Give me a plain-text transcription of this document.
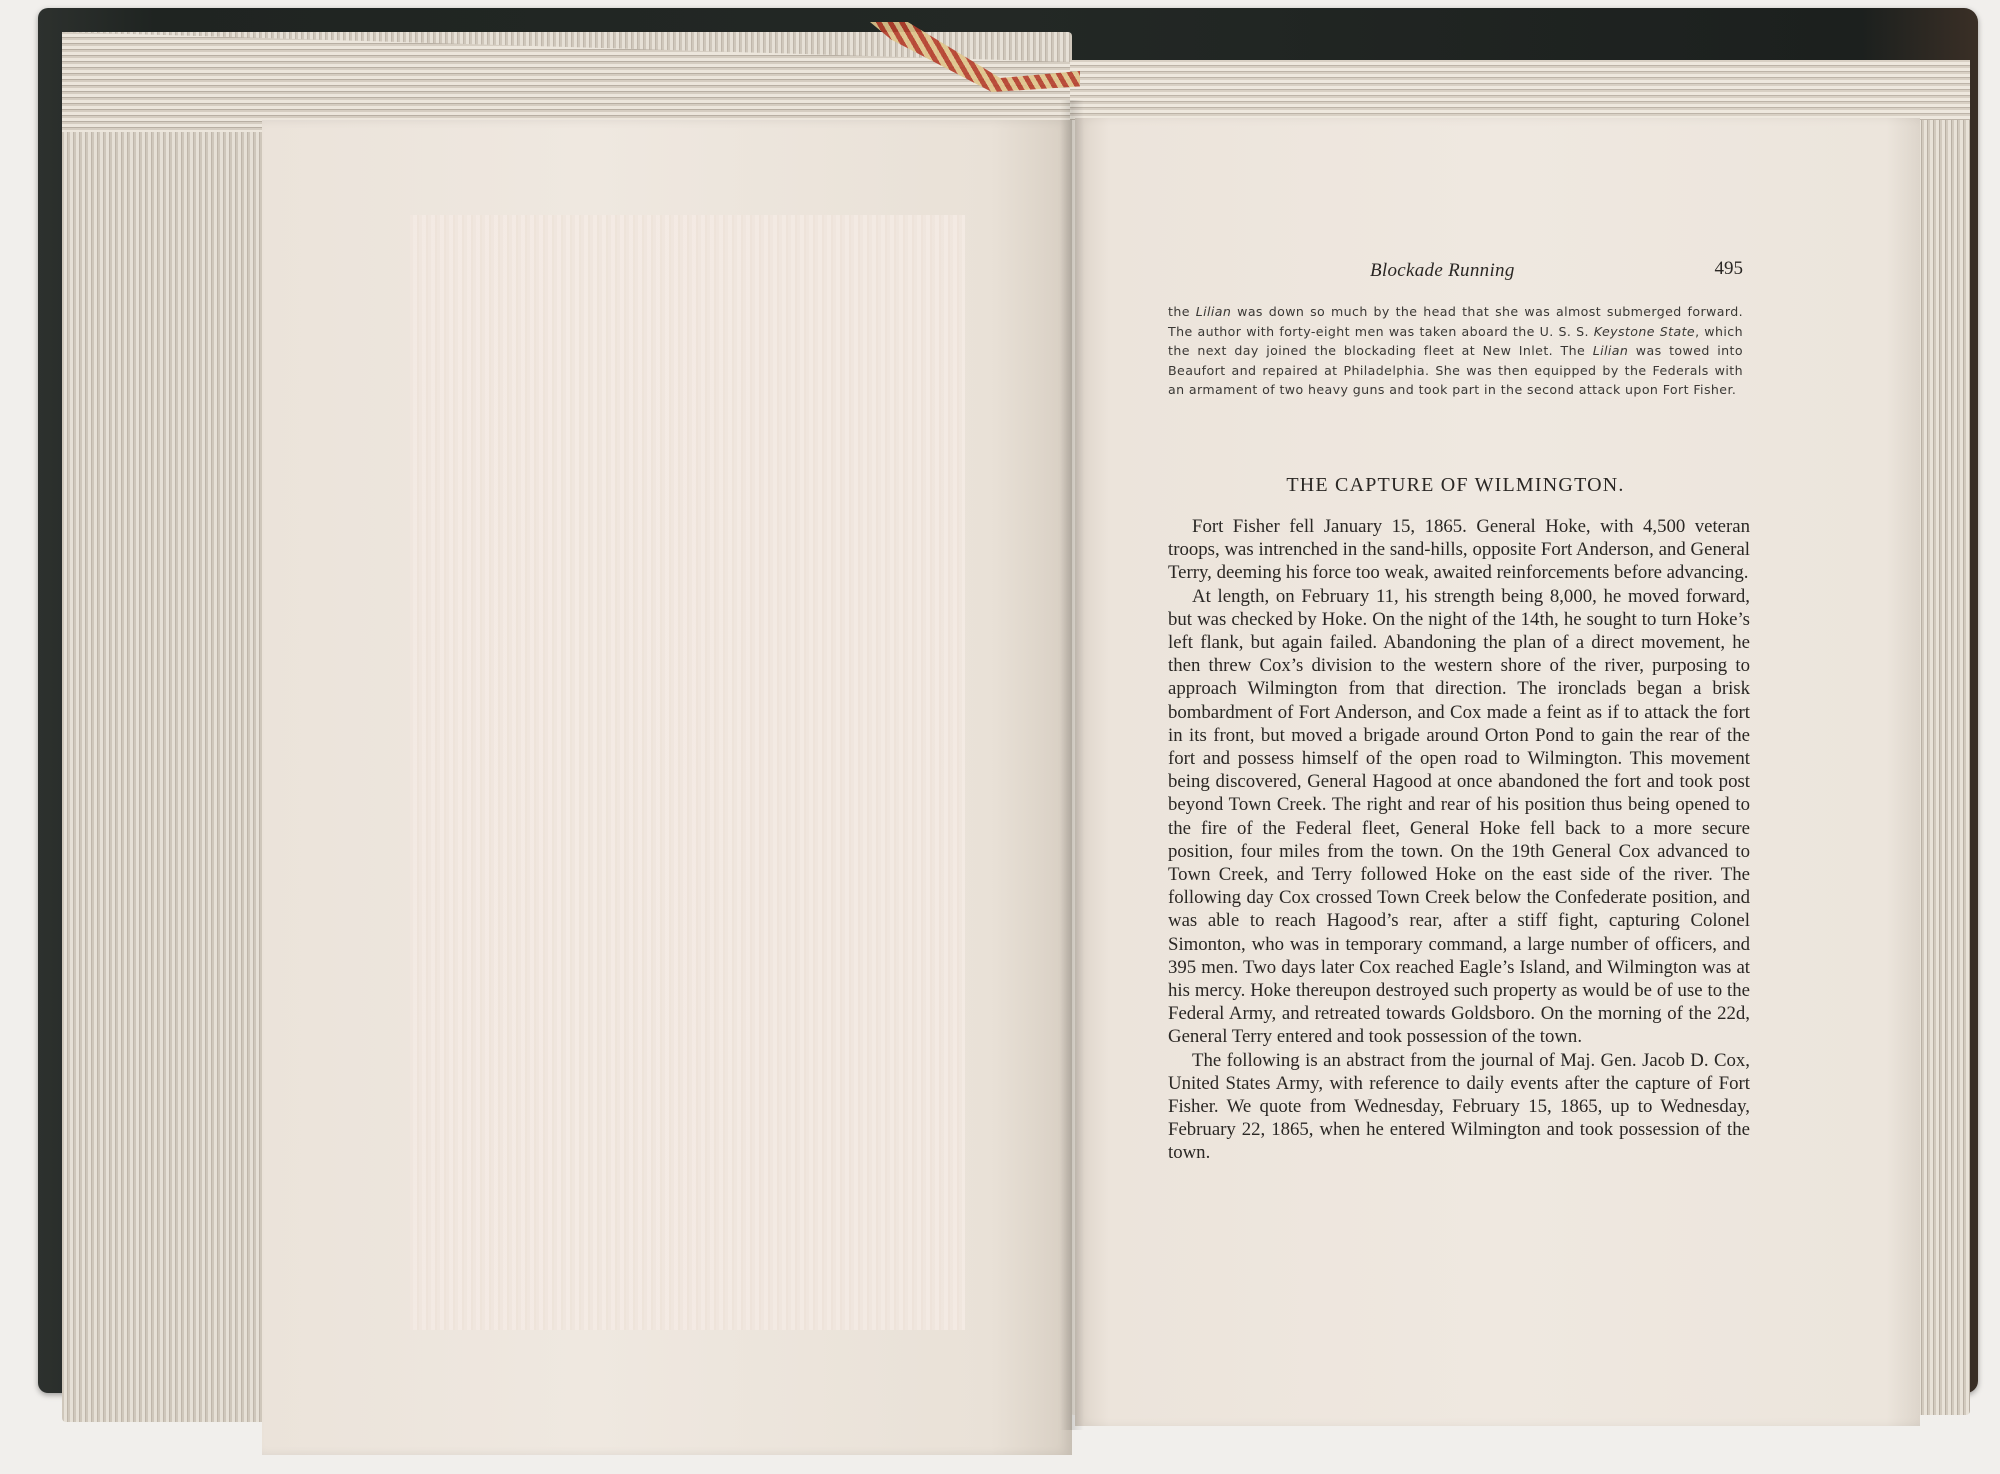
Blockade Running	495
the Lilian was down so much by the head that she was almost submerged forward. The author with forty-eight men was taken aboard the U. S. S. Keystone State, which the next day joined the blockading fleet at New Inlet. The Lilian was towed into Beaufort and repaired at Philadelphia. She was then equipped by the Federals with an armament of two heavy guns and took part in the second attack upon Fort Fisher.
THE CAPTURE OF WILMINGTON.

Fort Fisher fell January 15, 1865. General Hoke, with 4,500 veteran troops, was intrenched in the sand-hills, opposite Fort Anderson, and General Terry, deeming his force too weak, awaited reinforcements before advancing.

At length, on February 11, his strength being 8,000, he moved forward, but was checked by Hoke. On the night of the 14th, he sought to turn Hoke’s left flank, but again failed. Abandoning the plan of a direct movement, he then threw Cox’s division to the western shore of the river, purposing to approach Wilmington from that direction. The ironclads began a brisk bombardment of Fort Anderson, and Cox made a feint as if to attack the fort in its front, but moved a brigade around Orton Pond to gain the rear of the fort and possess himself of the open road to Wilmington. This movement being discovered, General Hagood at once abandoned the fort and took post beyond Town Creek. The right and rear of his position thus being opened to the fire of the Federal fleet, General Hoke fell back to a more secure position, four miles from the town. On the 19th General Cox advanced to Town Creek, and Terry followed Hoke on the east side of the river. The following day Cox crossed Town Creek below the Confederate position, and was able to reach Hagood’s rear, after a stiff fight, capturing Colonel Simonton, who was in temporary command, a large number of officers, and 395 men. Two days later Cox reached Eagle’s Island, and Wilmington was at his mercy. Hoke thereupon destroyed such property as would be of use to the Federal Army, and retreated towards Goldsboro. On the morning of the 22d, General Terry entered and took possession of the town.

The following is an abstract from the journal of Maj. Gen. Jacob D. Cox, United States Army, with reference to daily events after the capture of Fort Fisher. We quote from Wednesday, February 15, 1865, up to Wednesday, February 22, 1865, when he entered Wilmington and took possession of the town.
